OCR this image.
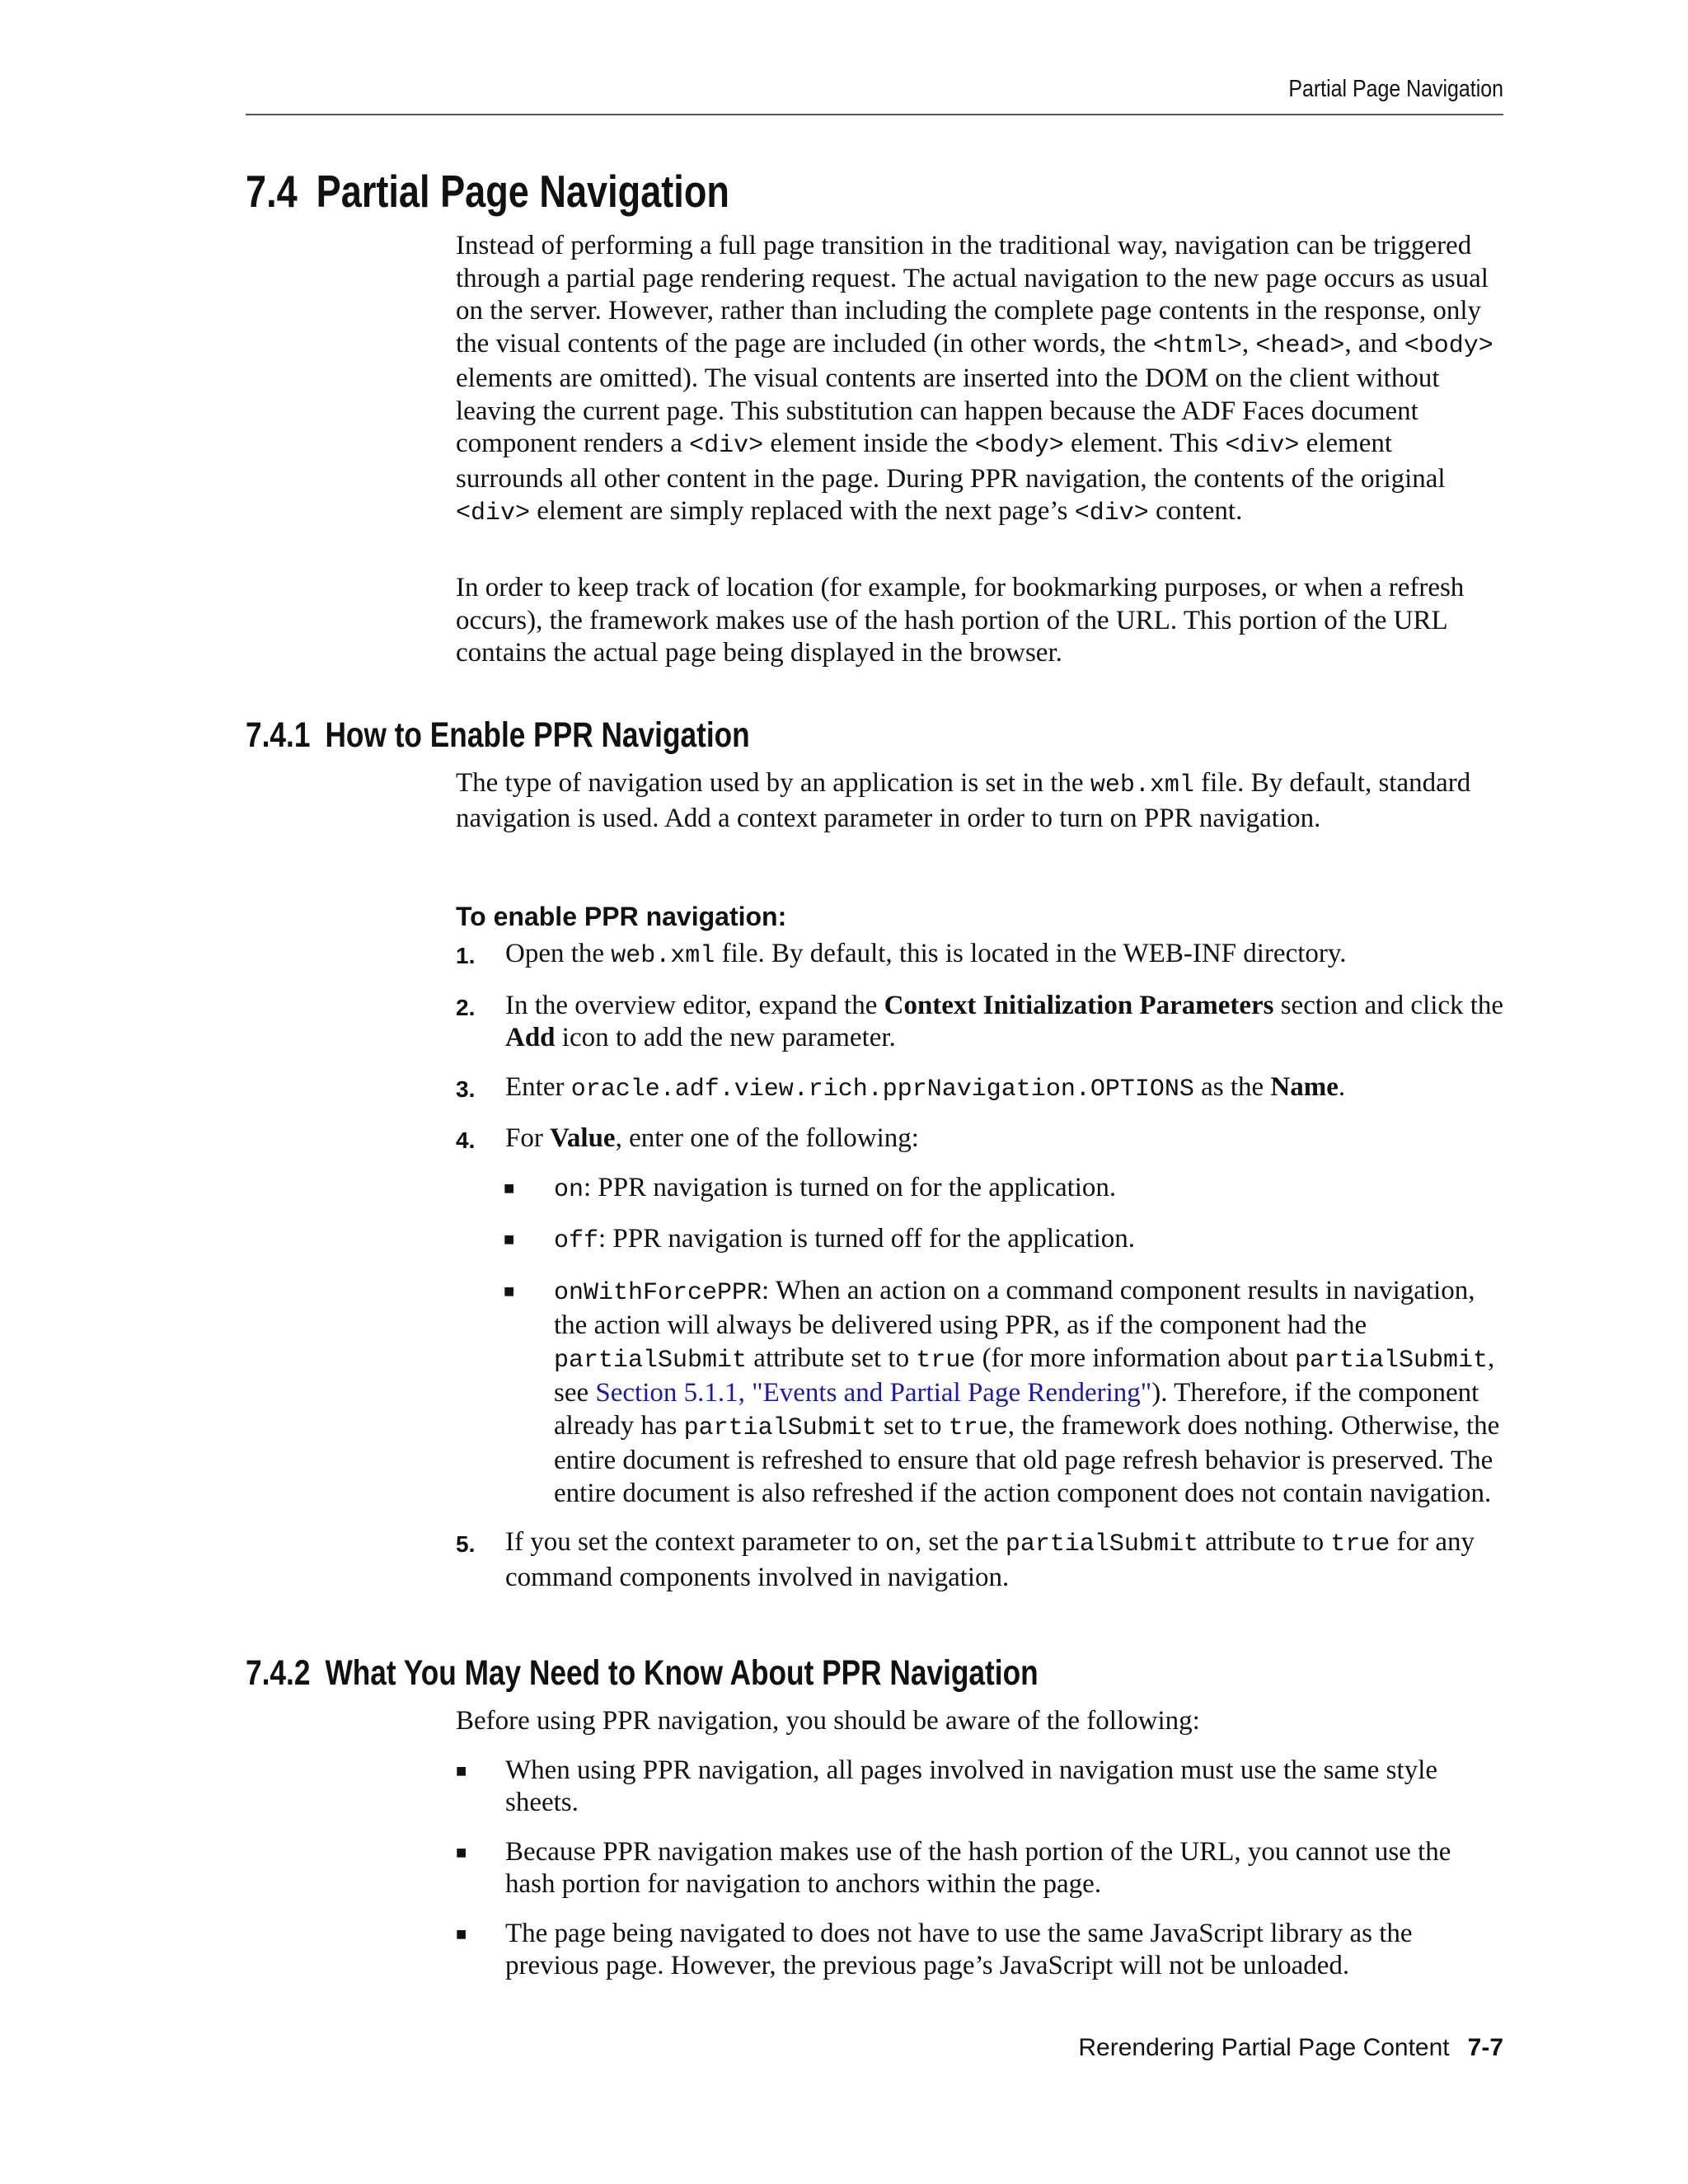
Partial Page Navigation
7.4 Partial Page Navigation

Instead of performing a full page transition in the traditional way, navigation can be triggered through a partial page rendering request. The actual navigation to the new page occurs as usual on the server. However, rather than including the complete page contents in the response, only the visual contents of the page are included (in other words, the <html>, <head>, and <body> elements are omitted). The visual contents are inserted into the DOM on the client without leaving the current page. This substitution can happen because the ADF Faces document component renders a <div> element inside the <body> element. This <div> element surrounds all other content in the page. During PPR navigation, the contents of the original <div> element are simply replaced with the next page’s <div> content.

In order to keep track of location (for example, for bookmarking purposes, or when a refresh occurs), the framework makes use of the hash portion of the URL. This portion of the URL contains the actual page being displayed in the browser.

7.4.1 How to Enable PPR Navigation

The type of navigation used by an application is set in the web.xml file. By default, standard navigation is used. Add a context parameter in order to turn on PPR navigation.

To enable PPR navigation:
1. Open the web.xml file. By default, this is located in the WEB-INF directory.
2. In the overview editor, expand the Context Initialization Parameters section and click the Add icon to add the new parameter.
3. Enter oracle.adf.view.rich.pprNavigation.OPTIONS as the Name.
4. For Value, enter one of the following:
■ on: PPR navigation is turned on for the application.
■ off: PPR navigation is turned off for the application.
■ onWithForcePPR: When an action on a command component results in navigation, the action will always be delivered using PPR, as if the component had the partialSubmit attribute set to true (for more information about partialSubmit, see Section 5.1.1, "Events and Partial Page Rendering"). Therefore, if the component already has partialSubmit set to true, the framework does nothing. Otherwise, the entire document is refreshed to ensure that old page refresh behavior is preserved. The entire document is also refreshed if the action component does not contain navigation.
5. If you set the context parameter to on, set the partialSubmit attribute to true for any command components involved in navigation.
7.4.2 What You May Need to Know About PPR Navigation

Before using PPR navigation, you should be aware of the following:

■ When using PPR navigation, all pages involved in navigation must use the same style sheets.
■ Because PPR navigation makes use of the hash portion of the URL, you cannot use the hash portion for navigation to anchors within the page.
■ The page being navigated to does not have to use the same JavaScript library as the previous page. However, the previous page’s JavaScript will not be unloaded.
Rerendering Partial Page Content 7-7
